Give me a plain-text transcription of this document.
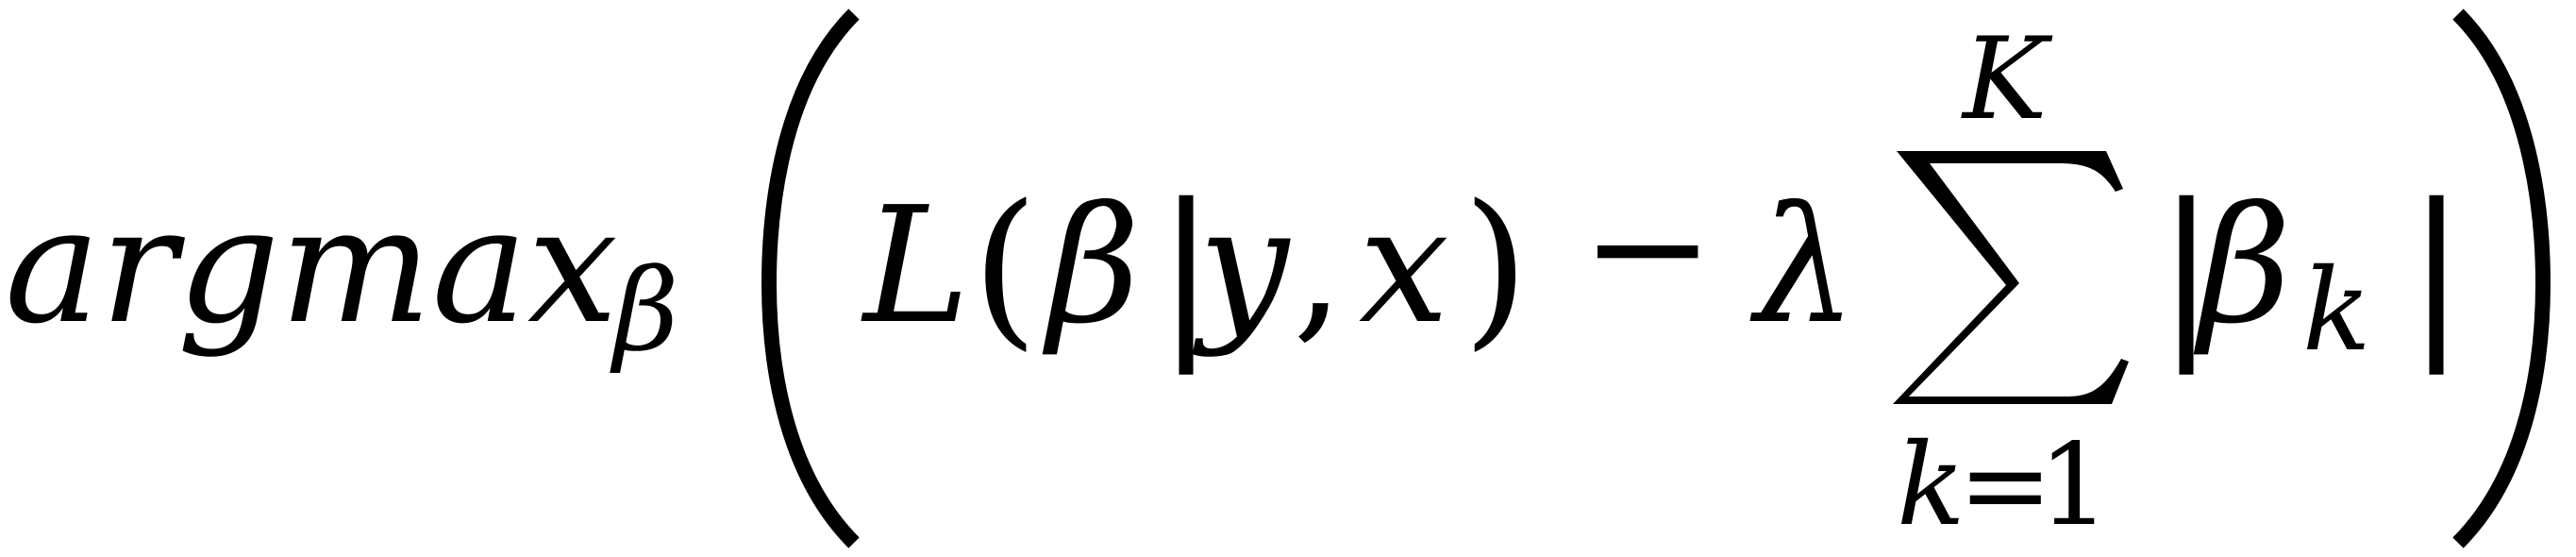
argmax
β L ( β |
y , x ) − λ
K
k
=
1
|
β k |
